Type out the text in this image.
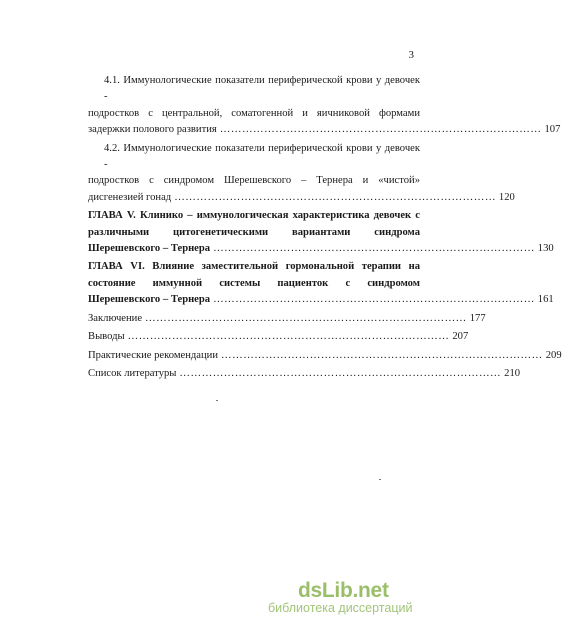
3
4.1. Иммунологические показатели периферической крови у девочек -
подростков с центральной, соматогенной и яичниковой формами
задержки полового развития …………………………………………………………………………… 107
4.2. Иммунологические показатели периферической крови у девочек -
подростков с синдромом Шерешевского – Тернера и «чистой»
дисгенезией гонад …………………………………………………………………………… 120
ГЛАВА V. Клинико – иммунологическая характеристика девочек с
различными цитогенетическими вариантами синдрома
Шерешевского – Тернера …………………………………………………………………………… 130
ГЛАВА VI. Влияние заместительной гормональной терапии на
состояние иммунной системы пациенток с синдромом
Шерешевского – Тернера …………………………………………………………………………… 161
Заключение …………………………………………………………………………… 177
Выводы …………………………………………………………………………… 207
Практические рекомендации …………………………………………………………………………… 209
Список литературы …………………………………………………………………………… 210
dsLib.net
библиотека диссертаций
